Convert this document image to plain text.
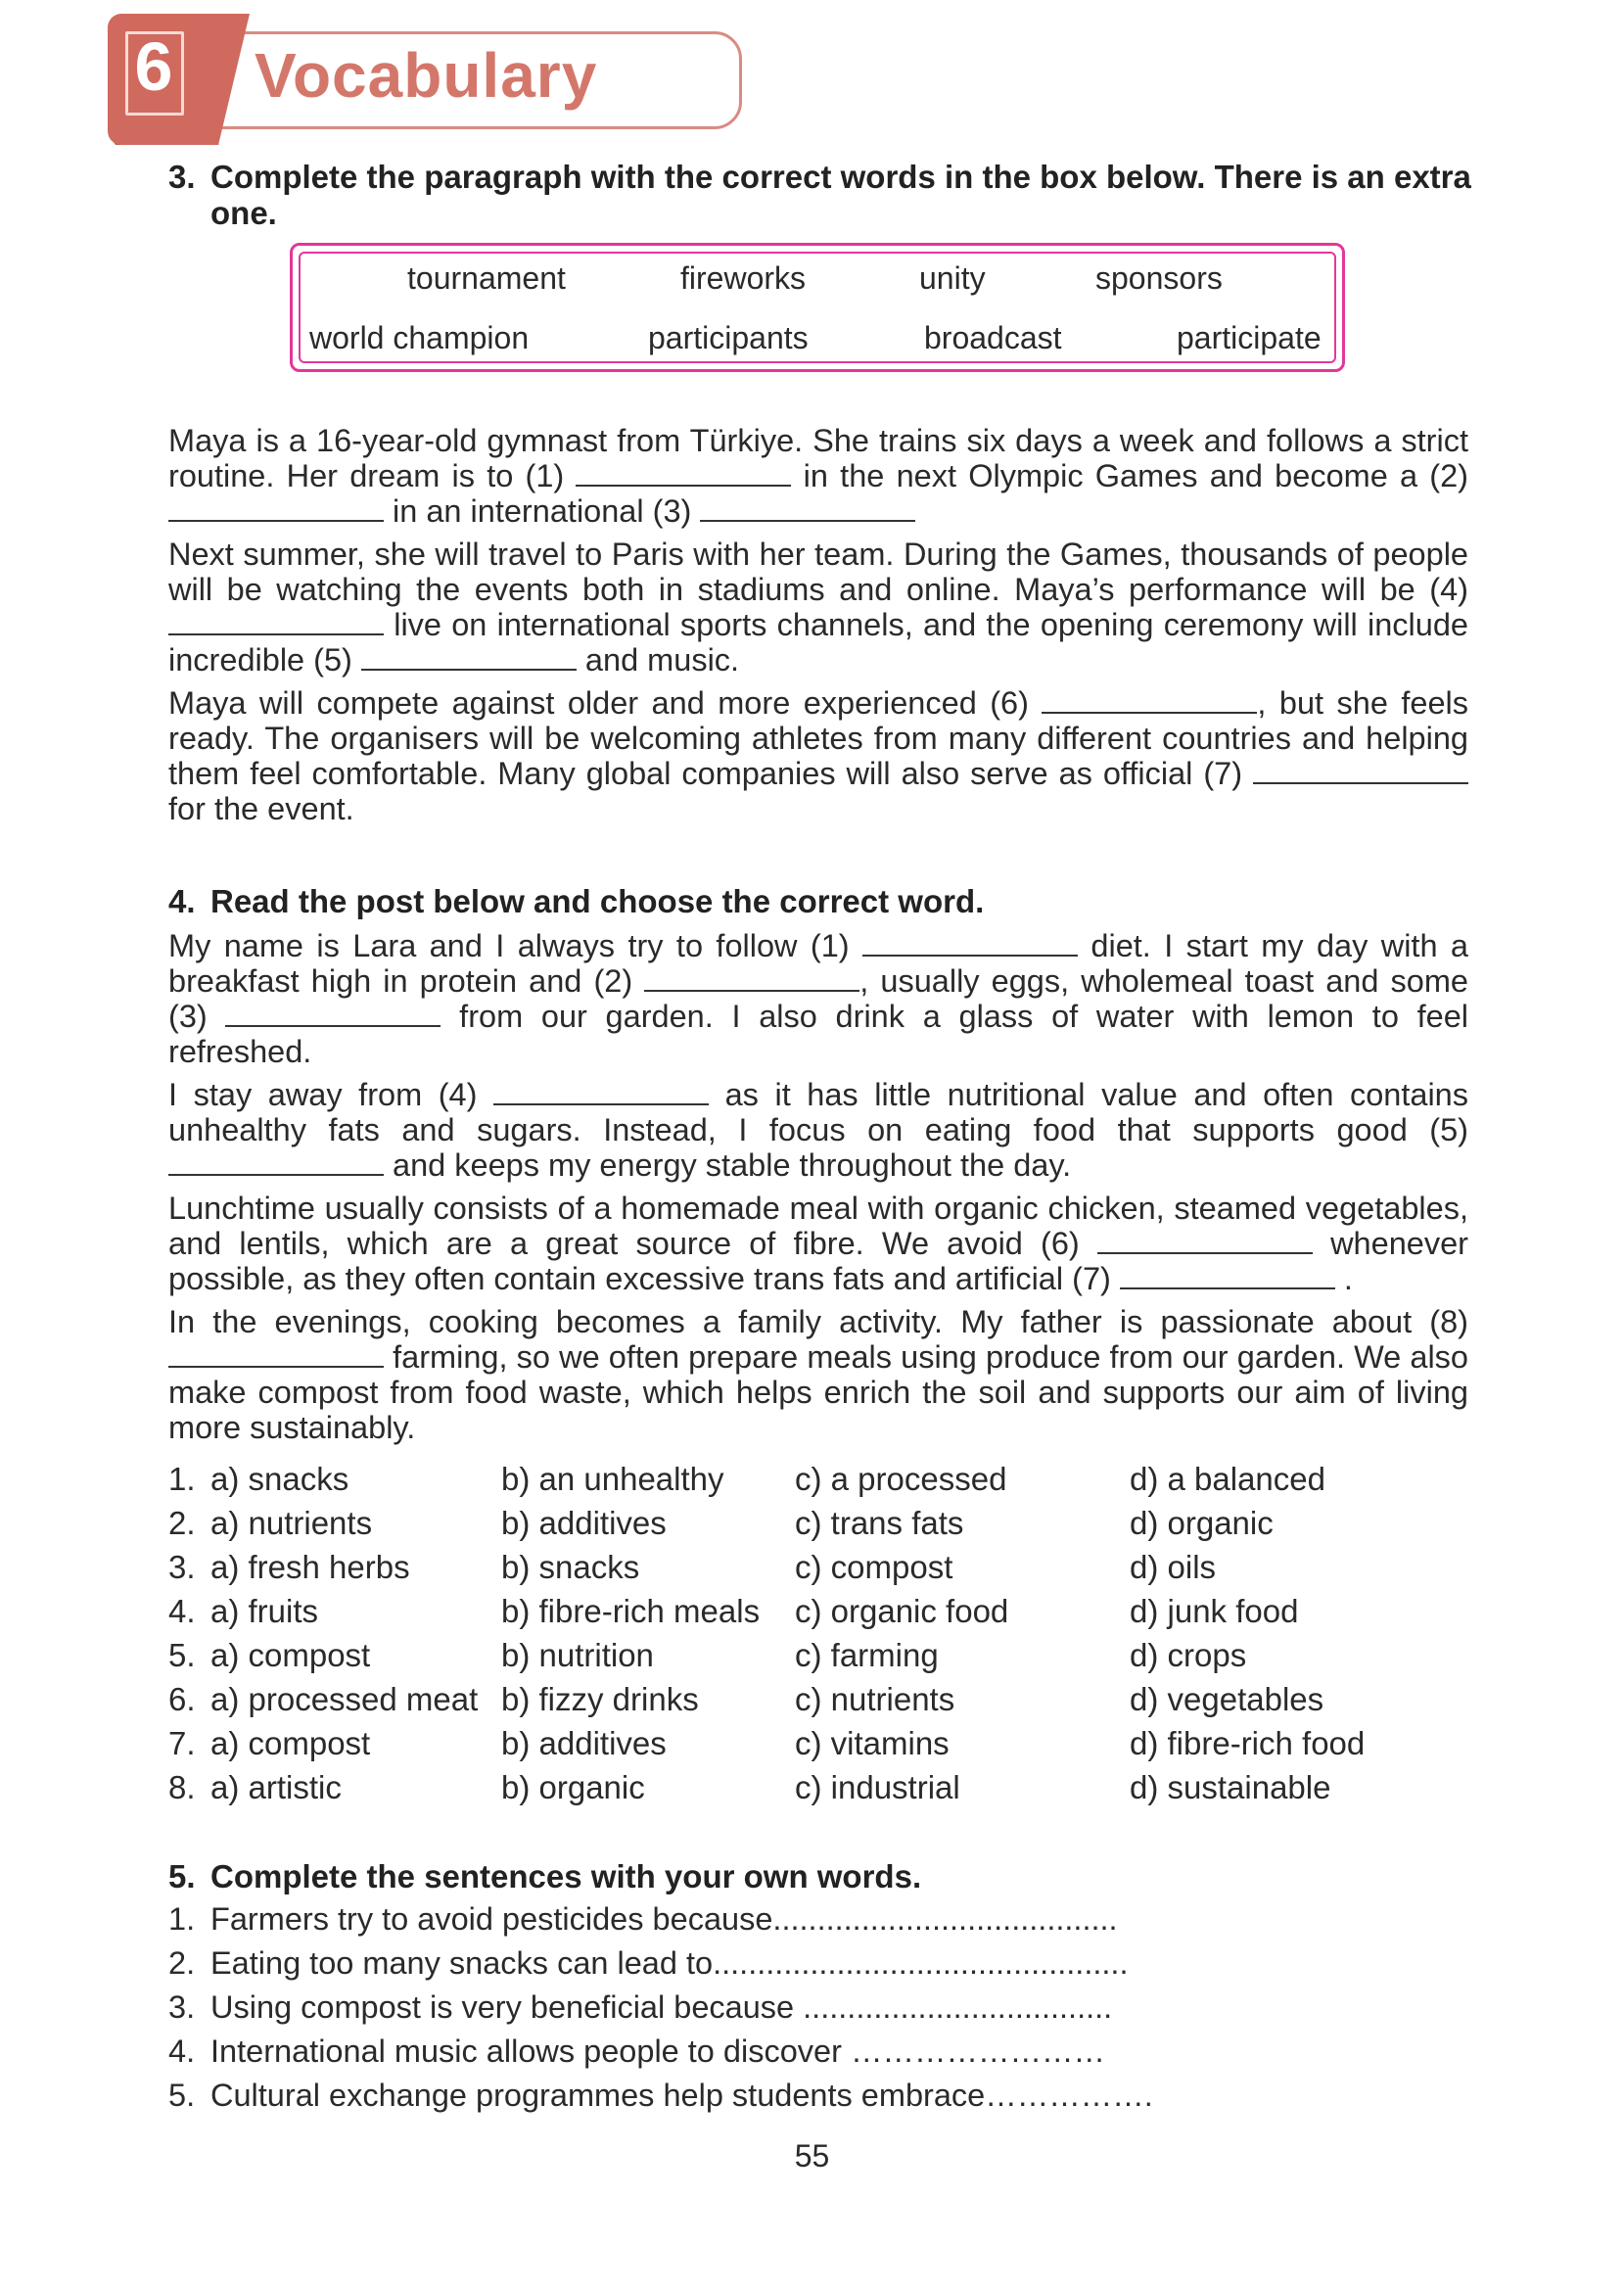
Vocabulary
6
3. Complete the paragraph with the correct words in the box below. There is an extra one.
tournament	fireworks	unity	sponsors
world champion	participants	broadcast	participate

Maya is a 16-year-old gymnast from Türkiye. She trains six days a week and follows a strict routine. Her dream is to (1)	in the next Olympic Games and become a (2)  in an international (3)

Next summer, she will travel to Paris with her team. During the Games, thousands of people will be watching the events both in stadiums and online. Maya’s performance will be (4)  live on international sports channels, and the opening ceremony will include incredible (5)	and music.

Maya will compete against older and more experienced (6)	, but she feels ready. The organisers will be welcoming athletes from many different countries and helping them feel comfortable. Many global companies will also serve as official (7)  for the event.

4. Read the post below and choose the correct word.

My name is Lara and I always try to follow (1)	diet. I start my day with a breakfast high in protein and (2)	, usually eggs, wholemeal toast and some (3)	from our garden. I also drink a glass of water with lemon to feel refreshed.

I stay away from (4)	as it has little nutritional value and often contains unhealthy fats and sugars. Instead, I focus on eating food that supports good (5)  and keeps my energy stable throughout the day.

Lunchtime usually consists of a homemade meal with organic chicken, steamed vegetables, and lentils, which are a great source of fibre. We avoid (6)	whenever possible, as they often contain excessive trans fats and artificial (7)	.

In the evenings, cooking becomes a family activity. My father is passionate about (8)  farming, so we often prepare meals using produce from our garden. We also make compost from food waste, which helps enrich the soil and supports our aim of living more sustainably.

1. a) snacks	b) an unhealthy c) a processed	d) a balanced
2. a) nutrients	b) additives	c) trans fats	d) organic
3. a) fresh herbs	b) snacks	c) compost	d) oils
4. a) fruits	b) fibre-rich meals c) organic food	d) junk food
5. a) compost	b) nutrition	c) farming	d) crops
6. a) processed meat b) fizzy drinks	c) nutrients	d) vegetables
7. a) compost	b) additives	c) vitamins	d) fibre-rich food
8. a) artistic	b) organic	c) industrial	d) sustainable
5. Complete the sentences with your own words.
1. Farmers try to avoid pesticides because.......................................
2. Eating too many snacks can lead to...............................................
3. Using compost is very beneficial because ...................................
4. International music allows people to discover ……………………
5. Cultural exchange programmes help students embrace…………….
55
